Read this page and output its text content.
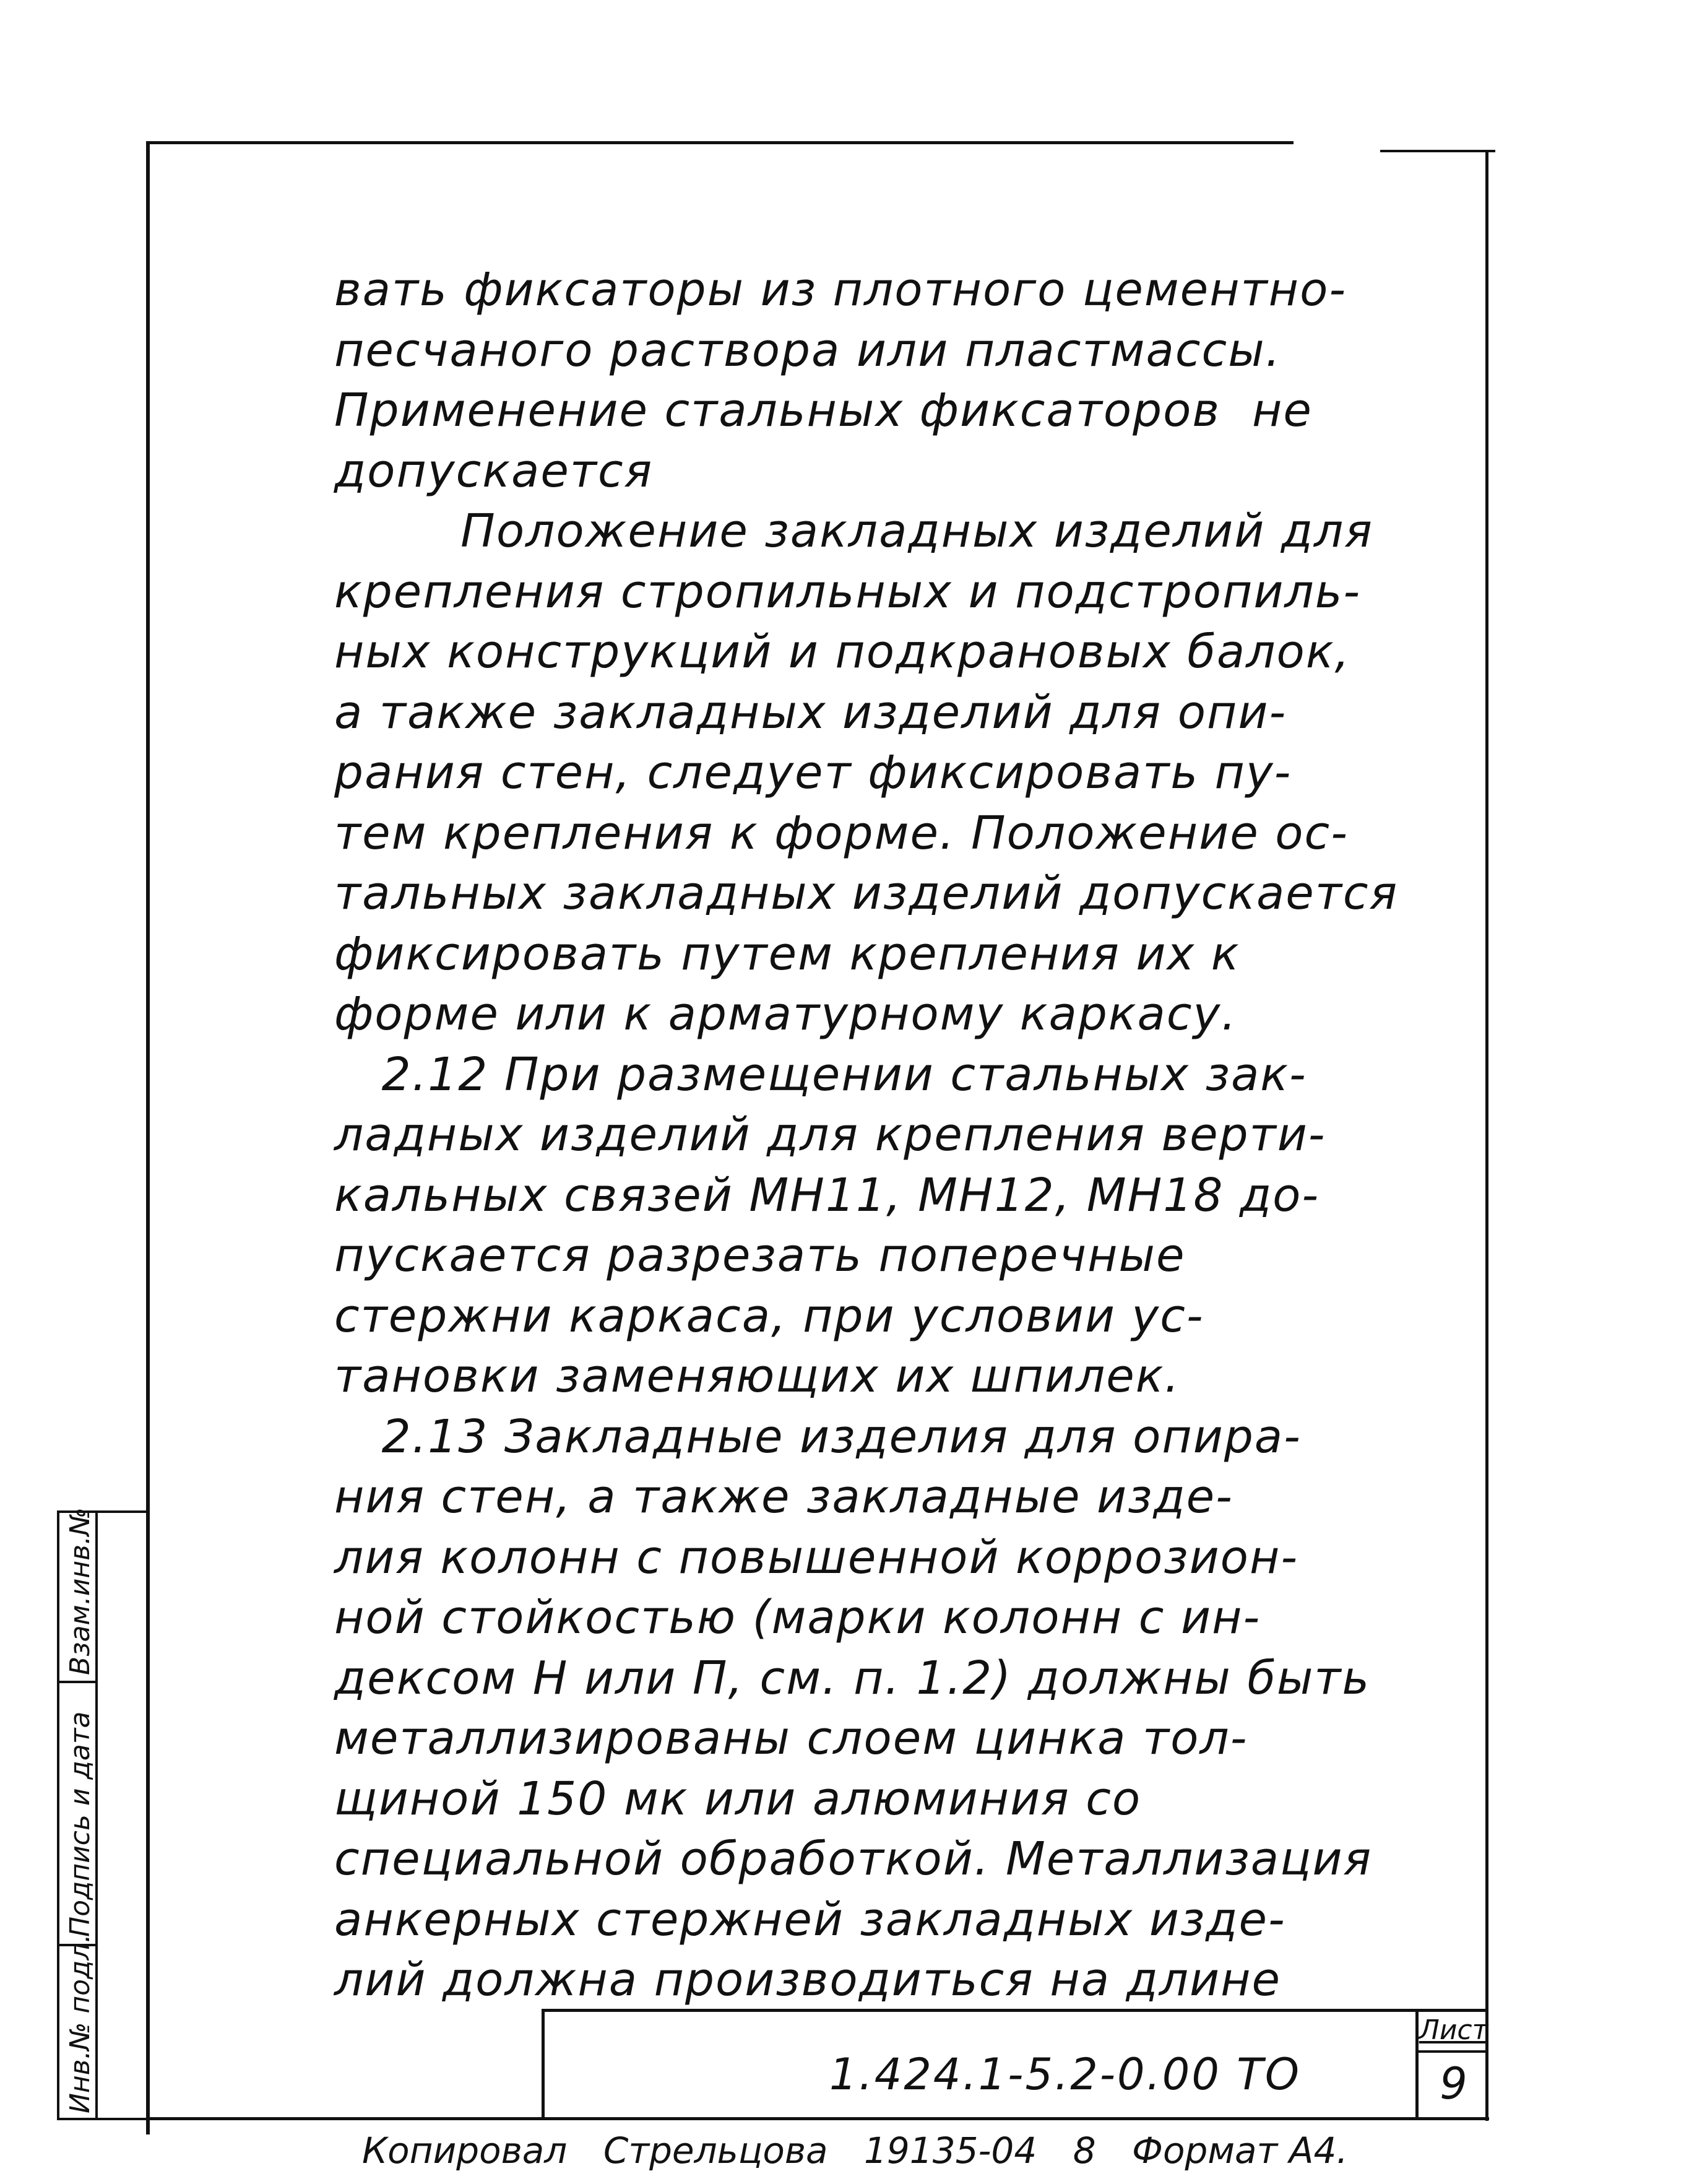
вать фиксаторы из плотного цементно-
песчаного раствора или пластмассы.
Применение стальных фиксаторов  не
допускается
Положение закладных изделий для
крепления стропильных и подстропиль-
ных конструкций и подкрановых балок,
а также закладных изделий для опи-
рания стен, следует фиксировать пу-
тем крепления к форме. Положение ос-
тальных закладных изделий допускается
фиксировать путем крепления их к
форме или к арматурному каркасу.
2.12 При размещении стальных зак-
ладных изделий для крепления верти-
кальных связей МН11, МН12, МН18 до-
пускается разрезать поперечные
стержни каркаса, при условии ус-
тановки заменяющих их шпилек.
2.13 Закладные изделия для опира-
ния стен, а также закладные изде-
лия колонн с повышенной коррозион-
ной стойкостью (марки колонн с ин-
дексом Н или П, см. п. 1.2) должны быть
металлизированы слоем цинка тол-
щиной 150 мк или алюминия со
специальной обработкой. Металлизация
анкерных стержней закладных изде-
лий должна производиться на длине
Взам.инв.№
Подпись и дата
Инв.№ подл.	1.424.1-5.2-0.00 ТО
Лист
9
Копировал Стрельцова 19135-04 8 Формат А4.
